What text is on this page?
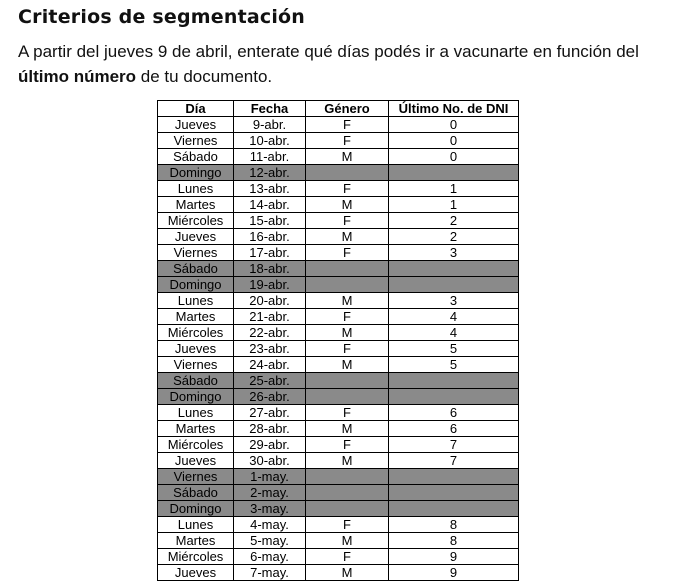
Criterios de segmentación
A partir del jueves 9 de abril, enterate qué días podés ir a vacunarte en función del último número de tu documento.
Día	Fecha	Género	Último No. de DNI
Jueves	9-abr.	F	0
Viernes	10-abr.	F	0
Sábado	11-abr.	M	0
Domingo	12-abr.		
Lunes	13-abr.	F	1
Martes	14-abr.	M	1
Miércoles	15-abr.	F	2
Jueves	16-abr.	M	2
Viernes	17-abr.	F	3
Sábado	18-abr.		
Domingo	19-abr.		
Lunes	20-abr.	M	3
Martes	21-abr.	F	4
Miércoles	22-abr.	M	4
Jueves	23-abr.	F	5
Viernes	24-abr.	M	5
Sábado	25-abr.		
Domingo	26-abr.		
Lunes	27-abr.	F	6
Martes	28-abr.	M	6
Miércoles	29-abr.	F	7
Jueves	30-abr.	M	7
Viernes	1-may.		
Sábado	2-may.		
Domingo	3-may.		
Lunes	4-may.	F	8
Martes	5-may.	M	8
Miércoles	6-may.	F	9
Jueves	7-may.	M	9
